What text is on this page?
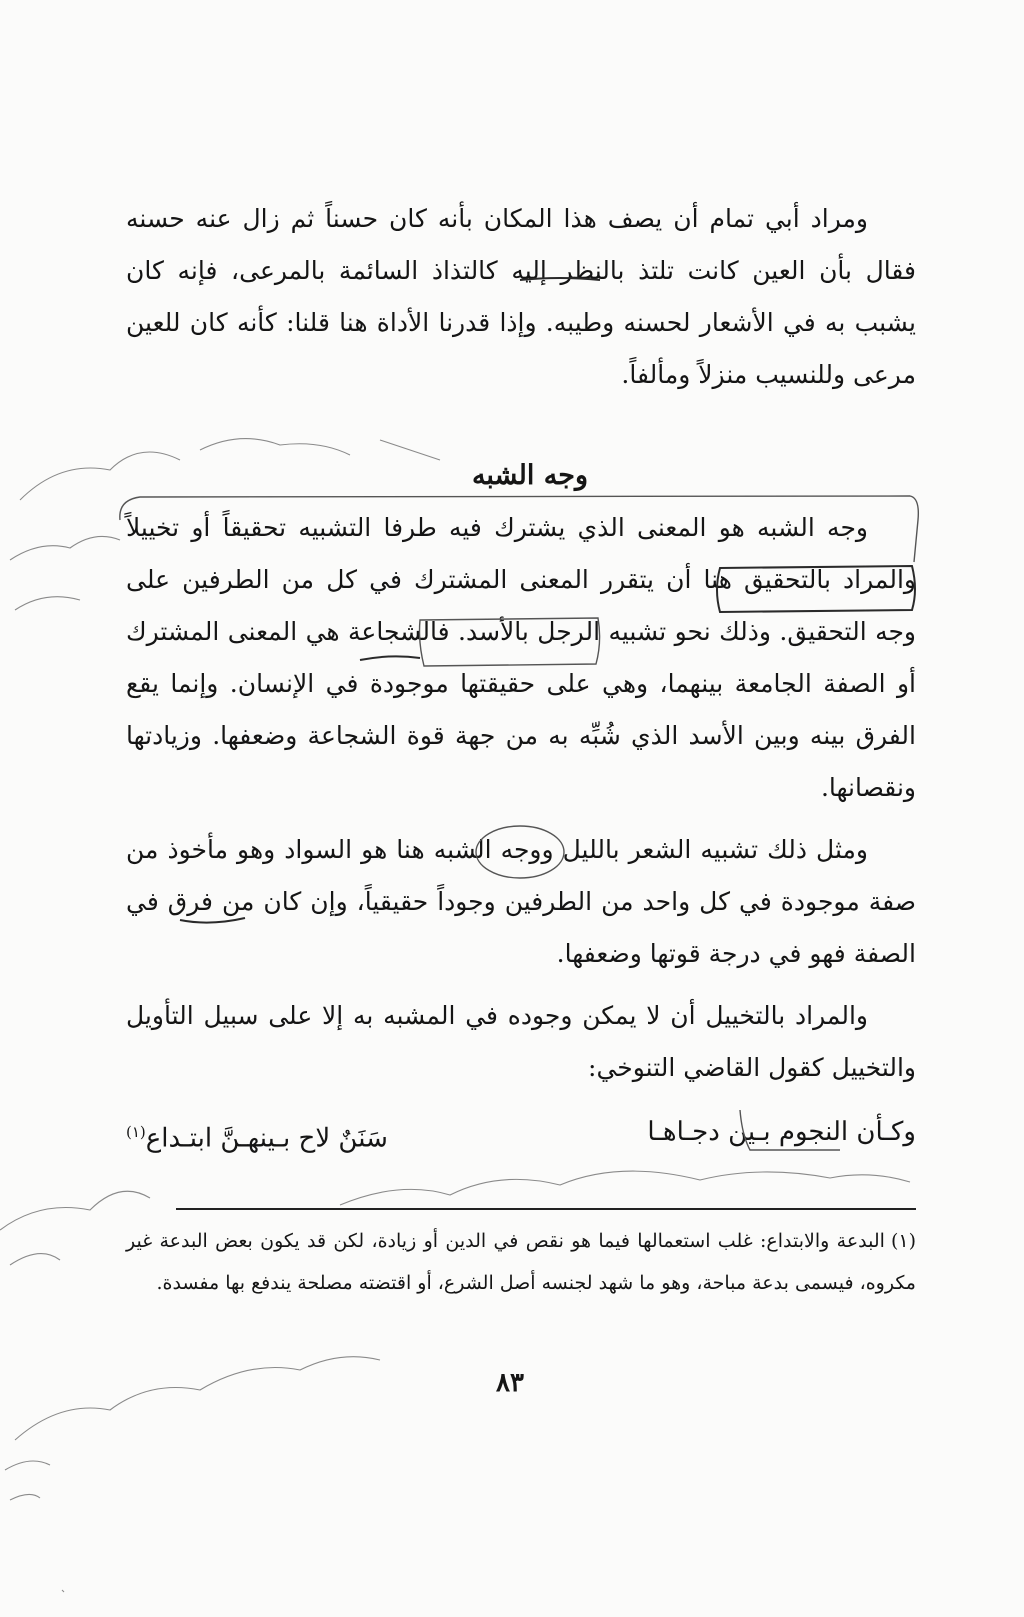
ومراد أبي تمام أن يصف هذا المكان بأنه كان حسناً ثم زال عنه حسنه فقال بأن العين كانت تلتذ بالنظر إليه كالتذاذ السائمة بالمرعى، فإنه كان يشبب به في الأشعار لحسنه وطيبه. وإذا قدرنا الأداة هنا قلنا: كأنه كان للعين مرعى وللنسيب منزلاً ومألفاً.

وجه الشبه

وجه الشبه هو المعنى الذي يشترك فيه طرفا التشبيه تحقيقاً أو تخييلاً والمراد بالتحقيق هنا أن يتقرر المعنى المشترك في كل من الطرفين على وجه التحقيق. وذلك نحو تشبيه الرجل بالأسد. فالشجاعة هي المعنى المشترك أو الصفة الجامعة بينهما، وهي على حقيقتها موجودة في الإنسان. وإنما يقع الفرق بينه وبين الأسد الذي شُبِّه به من جهة قوة الشجاعة وضعفها. وزيادتها ونقصانها.

ومثل ذلك تشبيه الشعر بالليل ووجه الشبه هنا هو السواد وهو مأخوذ من صفة موجودة في كل واحد من الطرفين وجوداً حقيقياً، وإن كان من فرق في الصفة فهو في درجة قوتها وضعفها.

والمراد بالتخييل أن لا يمكن وجوده في المشبه به إلا على سبيل التأويل والتخييل كقول القاضي التنوخي:

وكـأن النجوم بـين دجـاهـا
سَنَنٌ لاح بـينهـنَّ ابتـداع$^{(١)}$

(١)البدعة والابتداع: غلب استعمالها فيما هو نقص في الدين أو زيادة، لكن قد يكون بعض البدعة غير مكروه، فيسمى بدعة مباحة، وهو ما شهد لجنسه أصل الشرع، أو اقتضته مصلحة يندفع بها مفسدة.

٨٣
